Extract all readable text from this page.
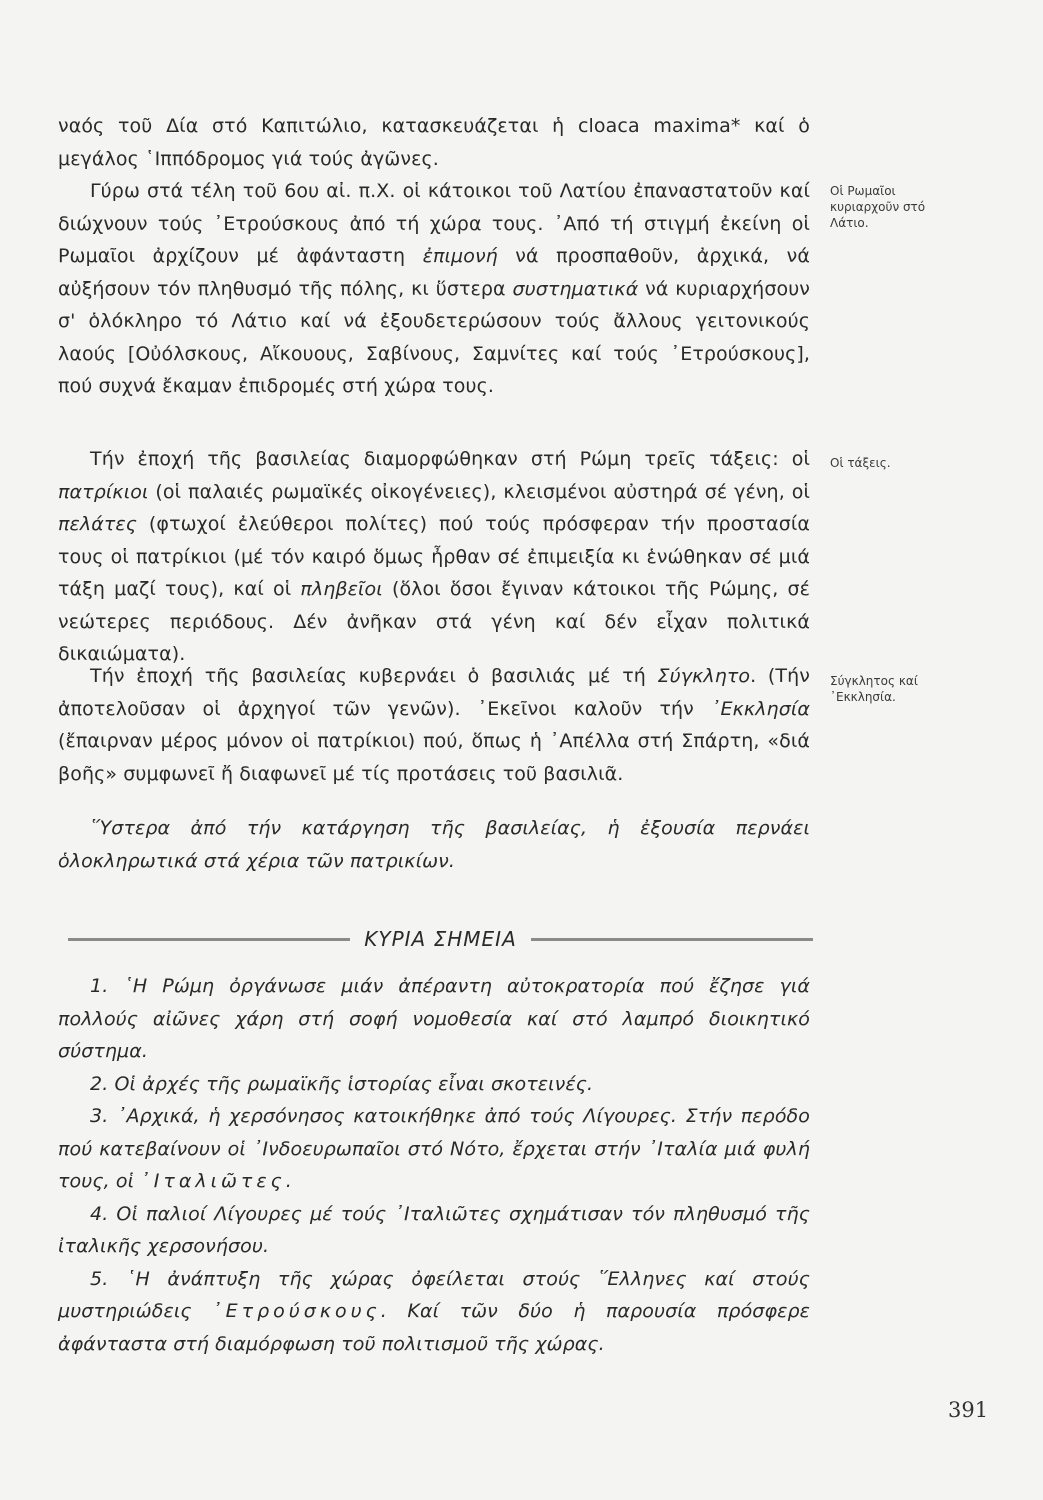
ναός τοῦ Δία στό Καπιτώλιο, κατασκευάζεται ἡ cloaca maxima* καί ὁ μεγάλος ῾Ιππόδρομος γιά τούς ἀγῶνες.

Γύρω στά τέλη τοῦ 6ου αἰ. π.Χ. οἱ κάτοικοι τοῦ Λατίου ἐπαναστατοῦν καί διώχνουν τούς ᾿Ετρούσκους ἀπό τή χώρα τους. ᾿Από τή στιγμή ἐκείνη οἱ Ρωμαῖοι ἀρχίζουν μέ ἀφάνταστη ἐπιμονή νά προσπαθοῦν, ἀρχικά, νά αὐξήσουν τόν πληθυσμό τῆς πόλης, κι ὕστερα συστηματικά νά κυριαρχήσουν σ' ὁλόκληρο τό Λάτιο καί νά ἐξουδετερώσουν τούς ἄλλους γειτονικούς λαούς [Οὐόλσκους, Αἴκουους, Σαβίνους, Σαμνίτες καί τούς ᾿Ετρούσκους], πού συχνά ἔκαμαν ἐπιδρομές στή χώρα τους.

Οἱ Ρωμαῖοι κυριαρχοῦν στό Λάτιο.

Τήν ἐποχή τῆς βασιλείας διαμορφώθηκαν στή Ρώμη τρεῖς τάξεις: οἱ πατρίκιοι (οἱ παλαιές ρωμαϊκές οἰκογένειες), κλεισμένοι αὐστηρά σέ γένη, οἱ πελάτες (φτωχοί ἐλεύθεροι πολίτες) πού τούς πρόσφεραν τήν προστασία τους οἱ πατρίκιοι (μέ τόν καιρό ὅμως ἦρθαν σέ ἐπιμειξία κι ἑνώθηκαν σέ μιά τάξη μαζί τους), καί οἱ πληβεῖοι (ὅλοι ὅσοι ἔγιναν κάτοικοι τῆς Ρώμης, σέ νεώτερες περιόδους. Δέν ἀνῆκαν στά γένη καί δέν εἶχαν πολιτικά δικαιώματα).

Οἱ τάξεις.

Τήν ἐποχή τῆς βασιλείας κυβερνάει ὁ βασιλιάς μέ τή Σύγκλητο. (Τήν ἀποτελοῦσαν οἱ ἀρχηγοί τῶν γενῶν). ᾿Εκεῖνοι καλοῦν τήν ᾿Εκκλησία (ἔπαιρναν μέρος μόνον οἱ πατρίκιοι) πού, ὅπως ἡ ᾿Απέλλα στή Σπάρτη, «διά βοῆς» συμφωνεῖ ἤ διαφωνεῖ μέ τίς προτάσεις τοῦ βασιλιᾶ.

Σύγκλητος καί ᾿Εκκλησία.

῞Υστερα ἀπό τήν κατάργηση τῆς βασιλείας, ἡ ἐξουσία περνάει ὁλοκληρωτικά στά χέρια τῶν πατρικίων.

ΚΥΡΙΑ ΣΗΜΕΙΑ

1. ῾Η Ρώμη ὀργάνωσε μιάν ἀπέραντη αὐτοκρατορία πού ἔζησε γιά πολλούς αἰῶνες χάρη στή σοφή νομοθεσία καί στό λαμπρό διοικητικό σύστημα.

2. Οἱ ἀρχές τῆς ρωμαϊκῆς ἱστορίας εἶναι σκοτεινές.

3. ᾿Αρχικά, ἡ χερσόνησος κατοικήθηκε ἀπό τούς Λίγουρες. Στήν περόδο πού κατεβαίνουν οἱ ᾿Ινδοευρωπαῖοι στό Νότο, ἔρχεται στήν ᾿Ιταλία μιά φυλή τους, οἱ ᾿Ιταλιῶτες.

4. Οἱ παλιοί Λίγουρες μέ τούς ᾿Ιταλιῶτες σχημάτισαν τόν πληθυσμό τῆς ἰταλικῆς χερσονήσου.

5. ῾Η ἀνάπτυξη τῆς χώρας ὀφείλεται στούς ῞Ελληνες καί στούς μυστηριώδεις ᾿Ετρούσκους. Καί τῶν δύο ἡ παρουσία πρόσφερε ἀφάνταστα στή διαμόρφωση τοῦ πολιτισμοῦ τῆς χώρας.

391
